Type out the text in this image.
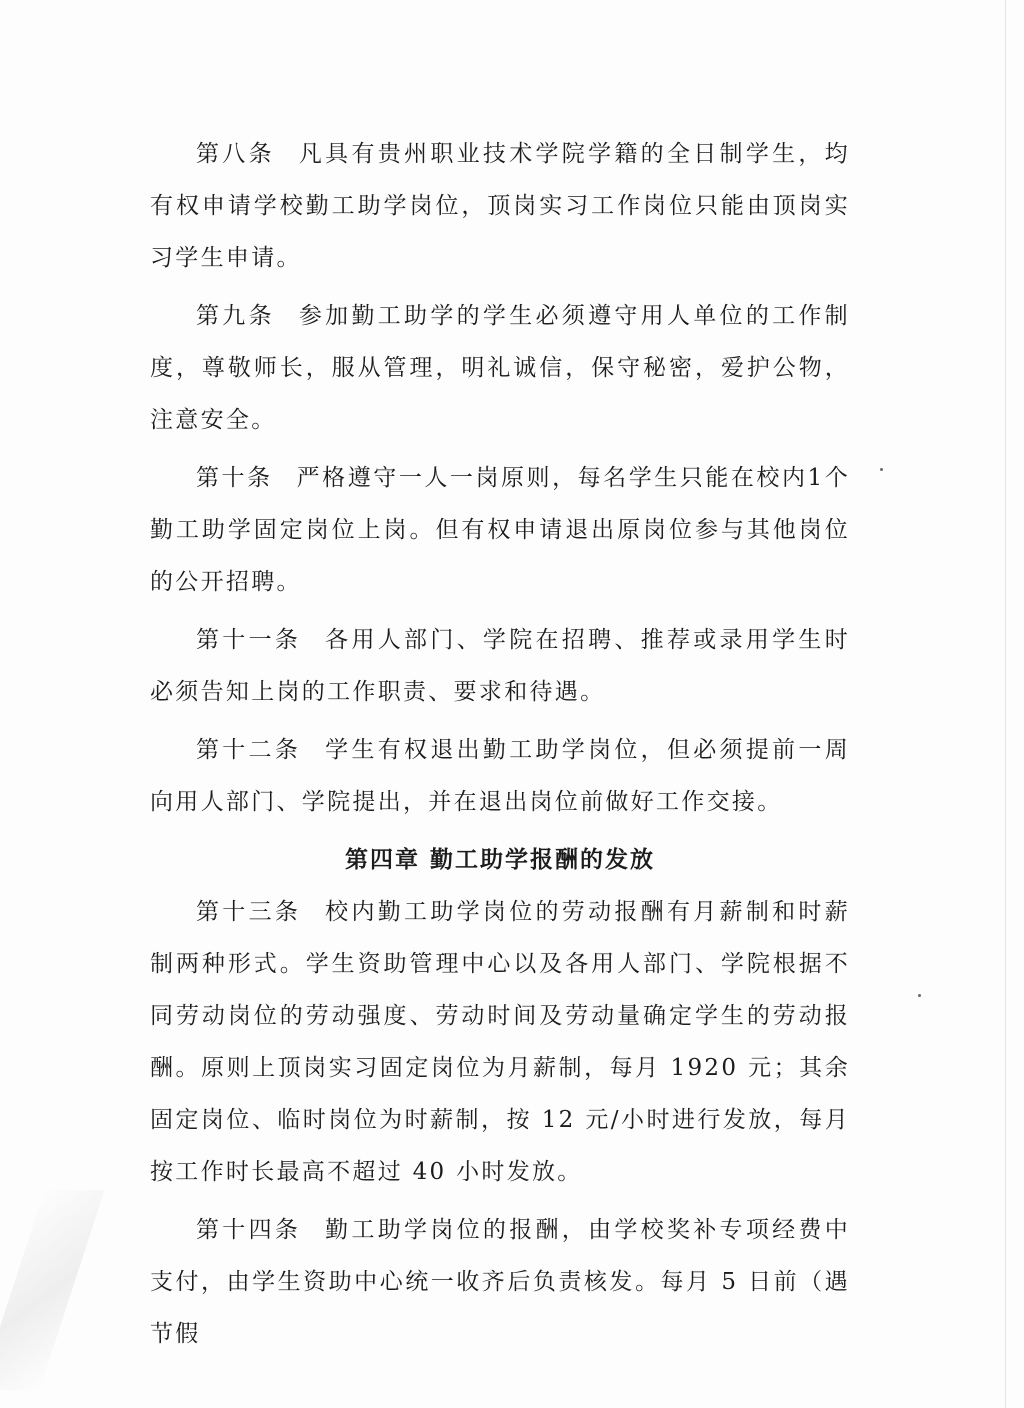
第八条 凡具有贵州职业技术学院学籍的全日制学生，均有权申请学校勤工助学岗位，顶岗实习工作岗位只能由顶岗实习学生申请。

第九条 参加勤工助学的学生必须遵守用人单位的工作制度，尊敬师长，服从管理，明礼诚信，保守秘密，爱护公物，注意安全。

第十条 严格遵守一人一岗原则，每名学生只能在校内1个勤工助学固定岗位上岗。但有权申请退出原岗位参与其他岗位的公开招聘。

第十一条 各用人部门、学院在招聘、推荐或录用学生时必须告知上岗的工作职责、要求和待遇。

第十二条 学生有权退出勤工助学岗位，但必须提前一周向用人部门、学院提出，并在退出岗位前做好工作交接。

第四章 勤工助学报酬的发放

第十三条 校内勤工助学岗位的劳动报酬有月薪制和时薪制两种形式。学生资助管理中心以及各用人部门、学院根据不同劳动岗位的劳动强度、劳动时间及劳动量确定学生的劳动报酬。原则上顶岗实习固定岗位为月薪制，每月 1920 元；其余固定岗位、临时岗位为时薪制，按 12 元/小时进行发放，每月按工作时长最高不超过 40 小时发放。

第十四条 勤工助学岗位的报酬，由学校奖补专项经费中支付，由学生资助中心统一收齐后负责核发。每月 5 日前（遇节假
